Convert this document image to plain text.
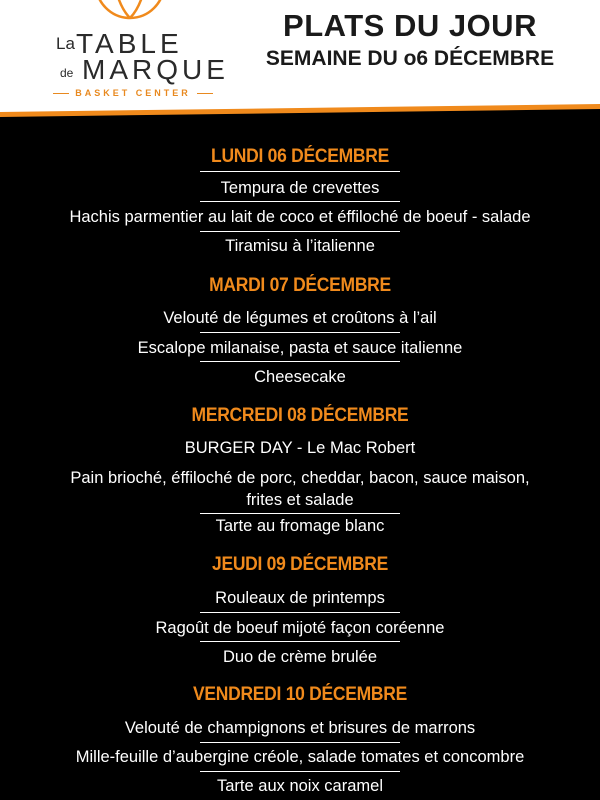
La TABLE
de MARQUE
BASKET CENTER
PLATS DU JOUR
SEMAINE DU o6 DÉCEMBRE
LUNDI 06 DÉCEMBRE
Tempura de crevettes
Hachis parmentier au lait de coco et éffiloché de boeuf - salade
Tiramisu à l’italienne
MARDI 07 DÉCEMBRE
Velouté de légumes et croûtons à l’ail
Escalope milanaise, pasta et sauce italienne
Cheesecake
MERCREDI 08 DÉCEMBRE
BURGER DAY - Le Mac Robert
Pain brioché, éffiloché de porc, cheddar, bacon, sauce maison,
frites et salade
Tarte au fromage blanc
JEUDI 09 DÉCEMBRE
Rouleaux de printemps
Ragoût de boeuf mijoté façon coréenne
Duo de crème brulée
VENDREDI 10 DÉCEMBRE
Velouté de champignons et brisures de marrons
Mille-feuille d’aubergine créole, salade tomates et concombre
Tarte aux noix caramel
